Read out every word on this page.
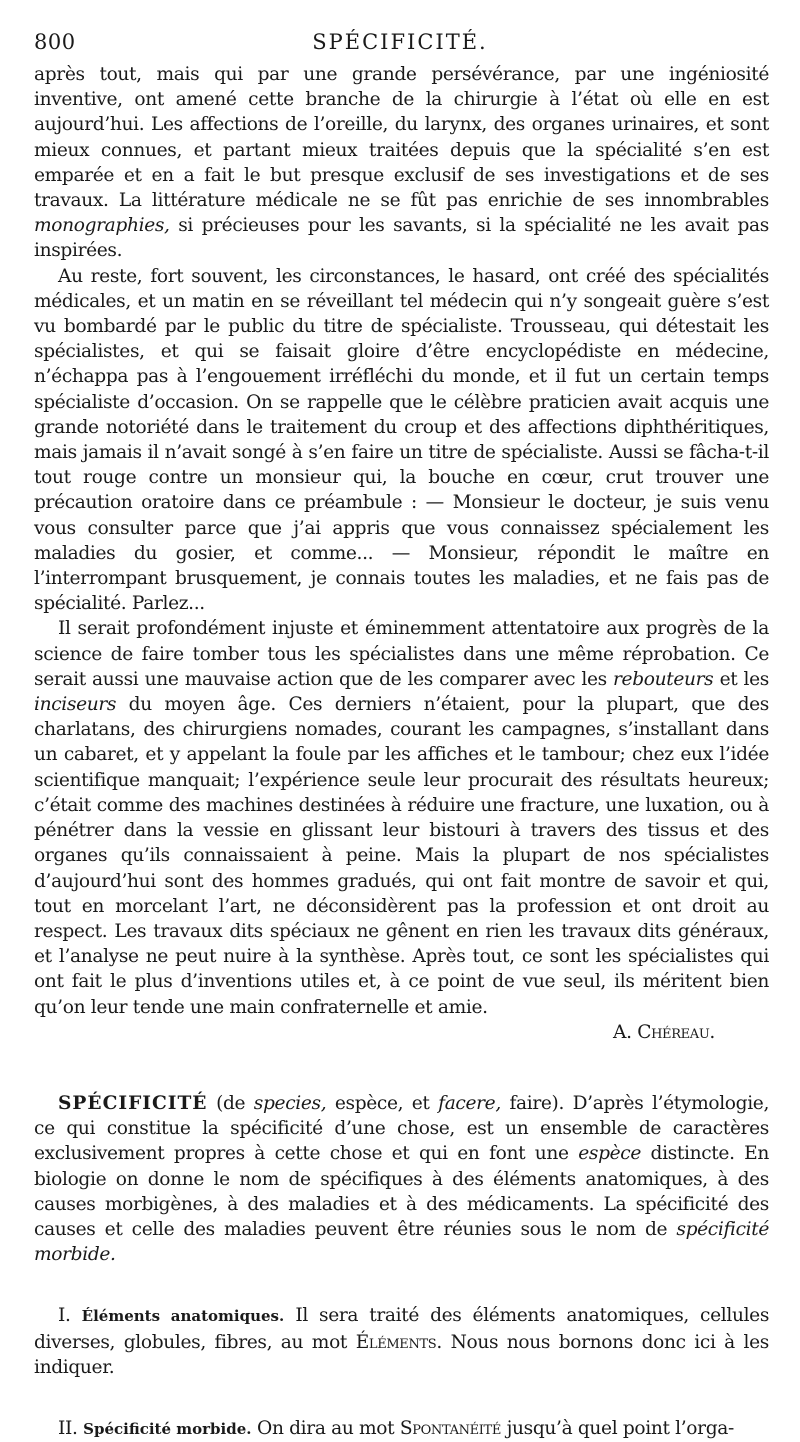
800	SPÉCIFICITÉ.

après tout, mais qui par une grande persévérance, par une ingéniosité inventive, ont amené cette branche de la chirurgie à l’état où elle en est aujourd’hui. Les affections de l’oreille, du larynx, des organes urinaires, et sont mieux connues, et partant mieux traitées depuis que la spécialité s’en est emparée et en a fait le but presque exclusif de ses investigations et de ses travaux. La littérature médicale ne se fût pas enrichie de ses innombrables monographies, si précieuses pour les savants, si la spécialité ne les avait pas inspirées.

Au reste, fort souvent, les circonstances, le hasard, ont créé des spécialités médicales, et un matin en se réveillant tel médecin qui n’y songeait guère s’est vu bombardé par le public du titre de spécialiste. Trousseau, qui détestait les spécialistes, et qui se faisait gloire d’être encyclopédiste en médecine, n’échappa pas à l’engouement irréfléchi du monde, et il fut un certain temps spécialiste d’occasion. On se rappelle que le célèbre praticien avait acquis une grande notoriété dans le traitement du croup et des affections diphthéritiques, mais jamais il n’avait songé à s’en faire un titre de spécialiste. Aussi se fâcha-t-il tout rouge contre un monsieur qui, la bouche en cœur, crut trouver une précaution oratoire dans ce préambule : — Monsieur le docteur, je suis venu vous consulter parce que j’ai appris que vous connaissez spécialement les maladies du gosier, et comme... — Monsieur, répondit le maître en l’interrompant brusquement, je connais toutes les maladies, et ne fais pas de spécialité. Parlez...

Il serait profondément injuste et éminemment attentatoire aux progrès de la science de faire tomber tous les spécialistes dans une même réprobation. Ce serait aussi une mauvaise action que de les comparer avec les rebouteurs et les inciseurs du moyen âge. Ces derniers n’étaient, pour la plupart, que des charlatans, des chirurgiens nomades, courant les campagnes, s’installant dans un cabaret, et y appelant la foule par les affiches et le tambour; chez eux l’idée scientifique manquait; l’expérience seule leur procurait des résultats heureux; c’était comme des machines destinées à réduire une fracture, une luxation, ou à pénétrer dans la vessie en glissant leur bistouri à travers des tissus et des organes qu’ils connaissaient à peine. Mais la plupart de nos spécialistes d’aujourd’hui sont des hommes gradués, qui ont fait montre de savoir et qui, tout en morcelant l’art, ne déconsidèrent pas la profession et ont droit au respect. Les travaux dits spéciaux ne gênent en rien les travaux dits généraux, et l’analyse ne peut nuire à la synthèse. Après tout, ce sont les spécialistes qui ont fait le plus d’inventions utiles et, à ce point de vue seul, ils méritent bien qu’on leur tende une main confraternelle et amie.

A. Chéreau.

SPÉCIFICITÉ (de species, espèce, et facere, faire). D’après l’étymologie, ce qui constitue la spécificité d’une chose, est un ensemble de caractères exclusivement propres à cette chose et qui en font une espèce distincte. En biologie on donne le nom de spécifiques à des éléments anatomiques, à des causes morbigènes, à des maladies et à des médicaments. La spécificité des causes et celle des maladies peuvent être réunies sous le nom de spécificité morbide.

I. Éléments anatomiques. Il sera traité des éléments anatomiques, cellules diverses, globules, fibres, au mot Éléments. Nous nous bornons donc ici à les indiquer.

II. Spécificité morbide. On dira au mot Spontanéité jusqu’à quel point l’orga-
